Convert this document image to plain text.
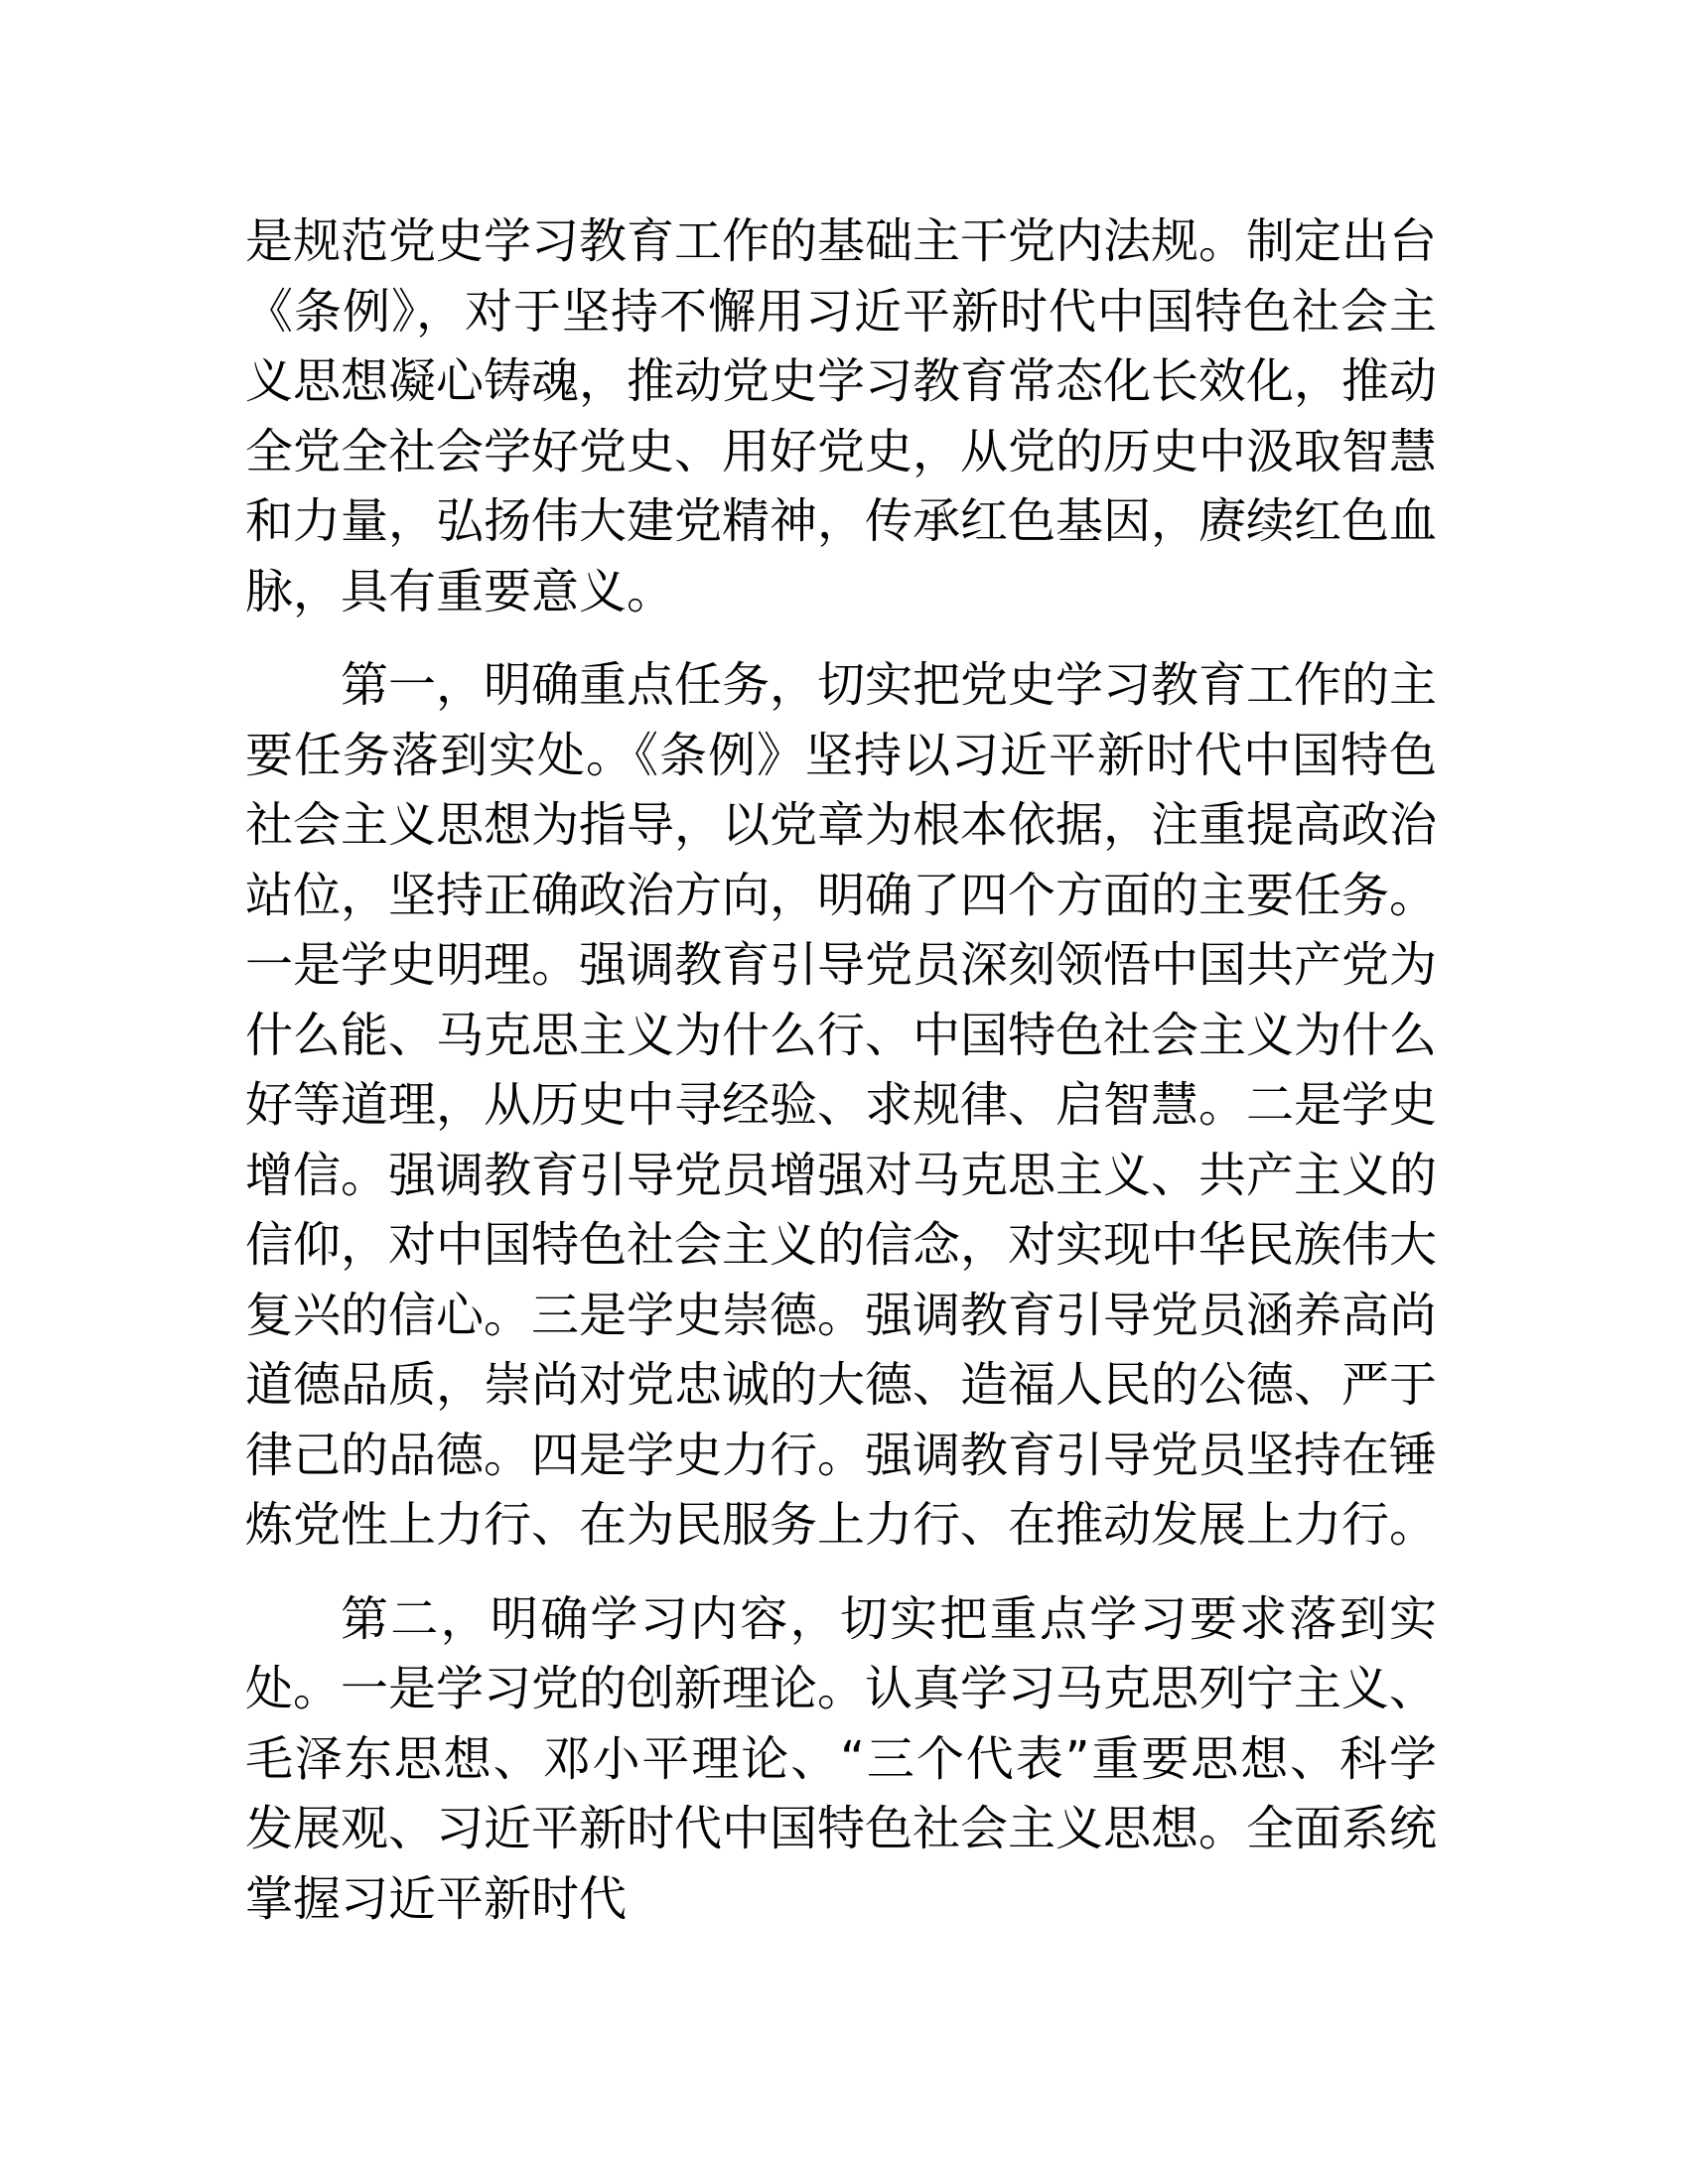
是规范党史学习教育工作的基础主干党内法规。制定出台《条例》，对于坚持不懈用习近平新时代中国特色社会主义思想凝心铸魂，推动党史学习教育常态化长效化，推动全党全社会学好党史、用好党史，从党的历史中汲取智慧和力量，弘扬伟大建党精神，传承红色基因，赓续红色血脉，具有重要意义。

第一，明确重点任务，切实把党史学习教育工作的主要任务落到实处。《条例》坚持以习近平新时代中国特色社会主义思想为指导，以党章为根本依据，注重提高政治站位，坚持正确政治方向，明确了四个方面的主要任务。一是学史明理。强调教育引导党员深刻领悟中国共产党为什么能、马克思主义为什么行、中国特色社会主义为什么好等道理，从历史中寻经验、求规律、启智慧。二是学史增信。强调教育引导党员增强对马克思主义、共产主义的信仰，对中国特色社会主义的信念，对实现中华民族伟大复兴的信心。三是学史崇德。强调教育引导党员涵养高尚道德品质，崇尚对党忠诚的大德、造福人民的公德、严于律己的品德。四是学史力行。强调教育引导党员坚持在锤炼党性上力行、在为民服务上力行、在推动发展上力行。

第二，明确学习内容，切实把重点学习要求落到实处。一是学习党的创新理论。认真学习马克思列宁主义、毛泽东思想、邓小平理论、“三个代表”重要思想、科学发展观、习近平新时代中国特色社会主义思想。全面系统掌握习近平新时代
